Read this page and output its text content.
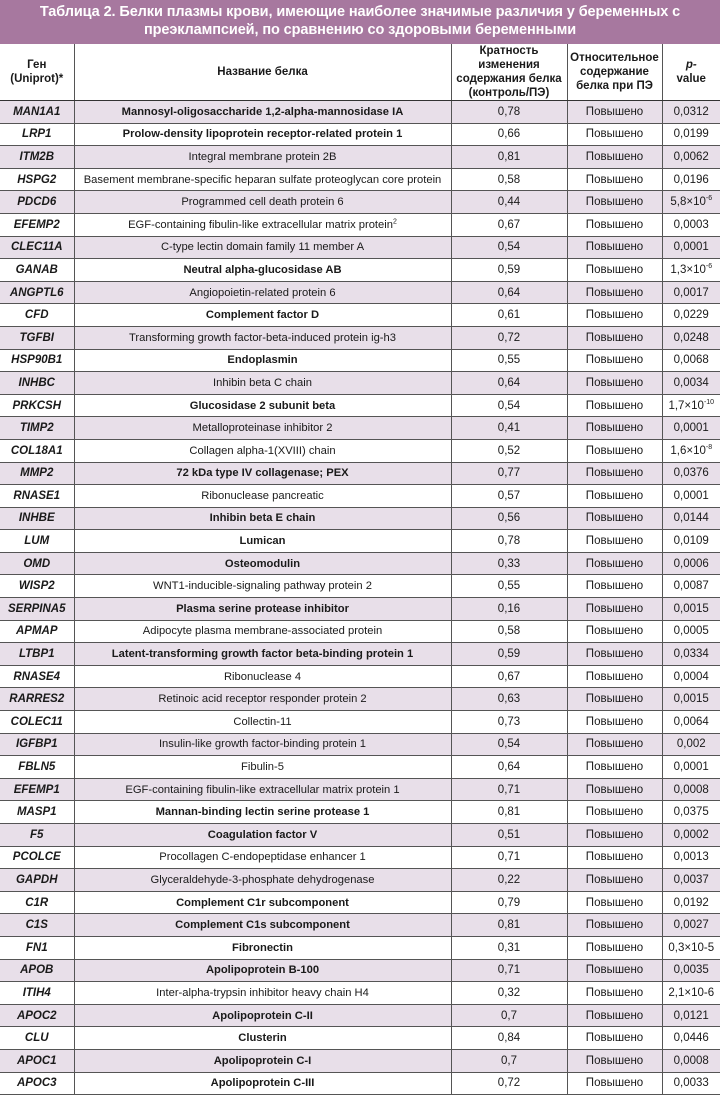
Таблица 2. Белки плазмы крови, имеющие наиболее значимые различия у беременных с преэклампсией, по сравнению со здоровыми беременными
Ген (Uniprot)*	Название белка	Кратность изменения содержания белка (контроль/ПЭ)	Относительное содержание белка при ПЭ	p-
value
MAN1A1	Mannosyl-oligosaccharide 1,2-alpha-mannosidase IA	0,78	Повышено	0,0312
LRP1	Prolow-density lipoprotein receptor-related protein 1	0,66	Повышено	0,0199
ITM2B	Integral membrane protein 2B	0,81	Повышено	0,0062
HSPG2	Basement membrane-specific heparan sulfate proteoglycan core protein	0,58	Повышено	0,0196
PDCD6	Programmed cell death protein 6	0,44	Повышено	$5,8\times 10^{-6}$
EFEMP2	EGF-containing fibulin-like extracellular matrix protein$^2$	0,67	Повышено	0,0003
CLEC11A	C-type lectin domain family 11 member A	0,54	Повышено	0,0001
GANAB	Neutral alpha-glucosidase AB	0,59	Повышено	$1,3\times 10^{-6}$
ANGPTL6	Angiopoietin-related protein 6	0,64	Повышено	0,0017
CFD	Complement factor D	0,61	Повышено	0,0229
TGFBI	Transforming growth factor-beta-induced protein ig-h3	0,72	Повышено	0,0248
HSP90B1	Endoplasmin	0,55	Повышено	0,0068
INHBC	Inhibin beta C chain	0,64	Повышено	0,0034
PRKCSH	Glucosidase 2 subunit beta	0,54	Повышено	$1,7\times 10^{-10}$
TIMP2	Metalloproteinase inhibitor 2	0,41	Повышено	0,0001
COL18A1	Collagen alpha-1(XVIII) chain	0,52	Повышено	$1,6\times 10^{-8}$
MMP2	72 kDa type IV collagenase; PEX	0,77	Повышено	0,0376
RNASE1	Ribonuclease pancreatic	0,57	Повышено	0,0001
INHBE	Inhibin beta E chain	0,56	Повышено	0,0144
LUM	Lumican	0,78	Повышено	0,0109
OMD	Osteomodulin	0,33	Повышено	0,0006
WISP2	WNT1-inducible-signaling pathway protein 2	0,55	Повышено	0,0087
SERPINA5	Plasma serine protease inhibitor	0,16	Повышено	0,0015
APMAP	Adipocyte plasma membrane-associated protein	0,58	Повышено	0,0005
LTBP1	Latent-transforming growth factor beta-binding protein 1	0,59	Повышено	0,0334
RNASE4	Ribonuclease 4	0,67	Повышено	0,0004
RARRES2	Retinoic acid receptor responder protein 2	0,63	Повышено	0,0015
COLEC11	Collectin-11	0,73	Повышено	0,0064
IGFBP1	Insulin-like growth factor-binding protein 1	0,54	Повышено	0,002
FBLN5	Fibulin-5	0,64	Повышено	0,0001
EFEMP1	EGF-containing fibulin-like extracellular matrix protein 1	0,71	Повышено	0,0008
MASP1	Mannan-binding lectin serine protease 1	0,81	Повышено	0,0375
F5	Coagulation factor V	0,51	Повышено	0,0002
PCOLCE	Procollagen C-endopeptidase enhancer 1	0,71	Повышено	0,0013
GAPDH	Glyceraldehyde-3-phosphate dehydrogenase	0,22	Повышено	0,0037
C1R	Complement C1r subcomponent	0,79	Повышено	0,0192
C1S	Complement C1s subcomponent	0,81	Повышено	0,0027
FN1	Fibronectin	0,31	Повышено	0,3×10-5
APOB	Apolipoprotein B-100	0,71	Повышено	0,0035
ITIH4	Inter-alpha-trypsin inhibitor heavy chain H4	0,32	Повышено	2,1×10-6
APOC2	Apolipoprotein C-II	0,7	Повышено	0,0121
CLU	Clusterin	0,84	Повышено	0,0446
APOC1	Apolipoprotein C-I	0,7	Повышено	0,0008
APOC3	Apolipoprotein C-III	0,72	Повышено	0,0033
